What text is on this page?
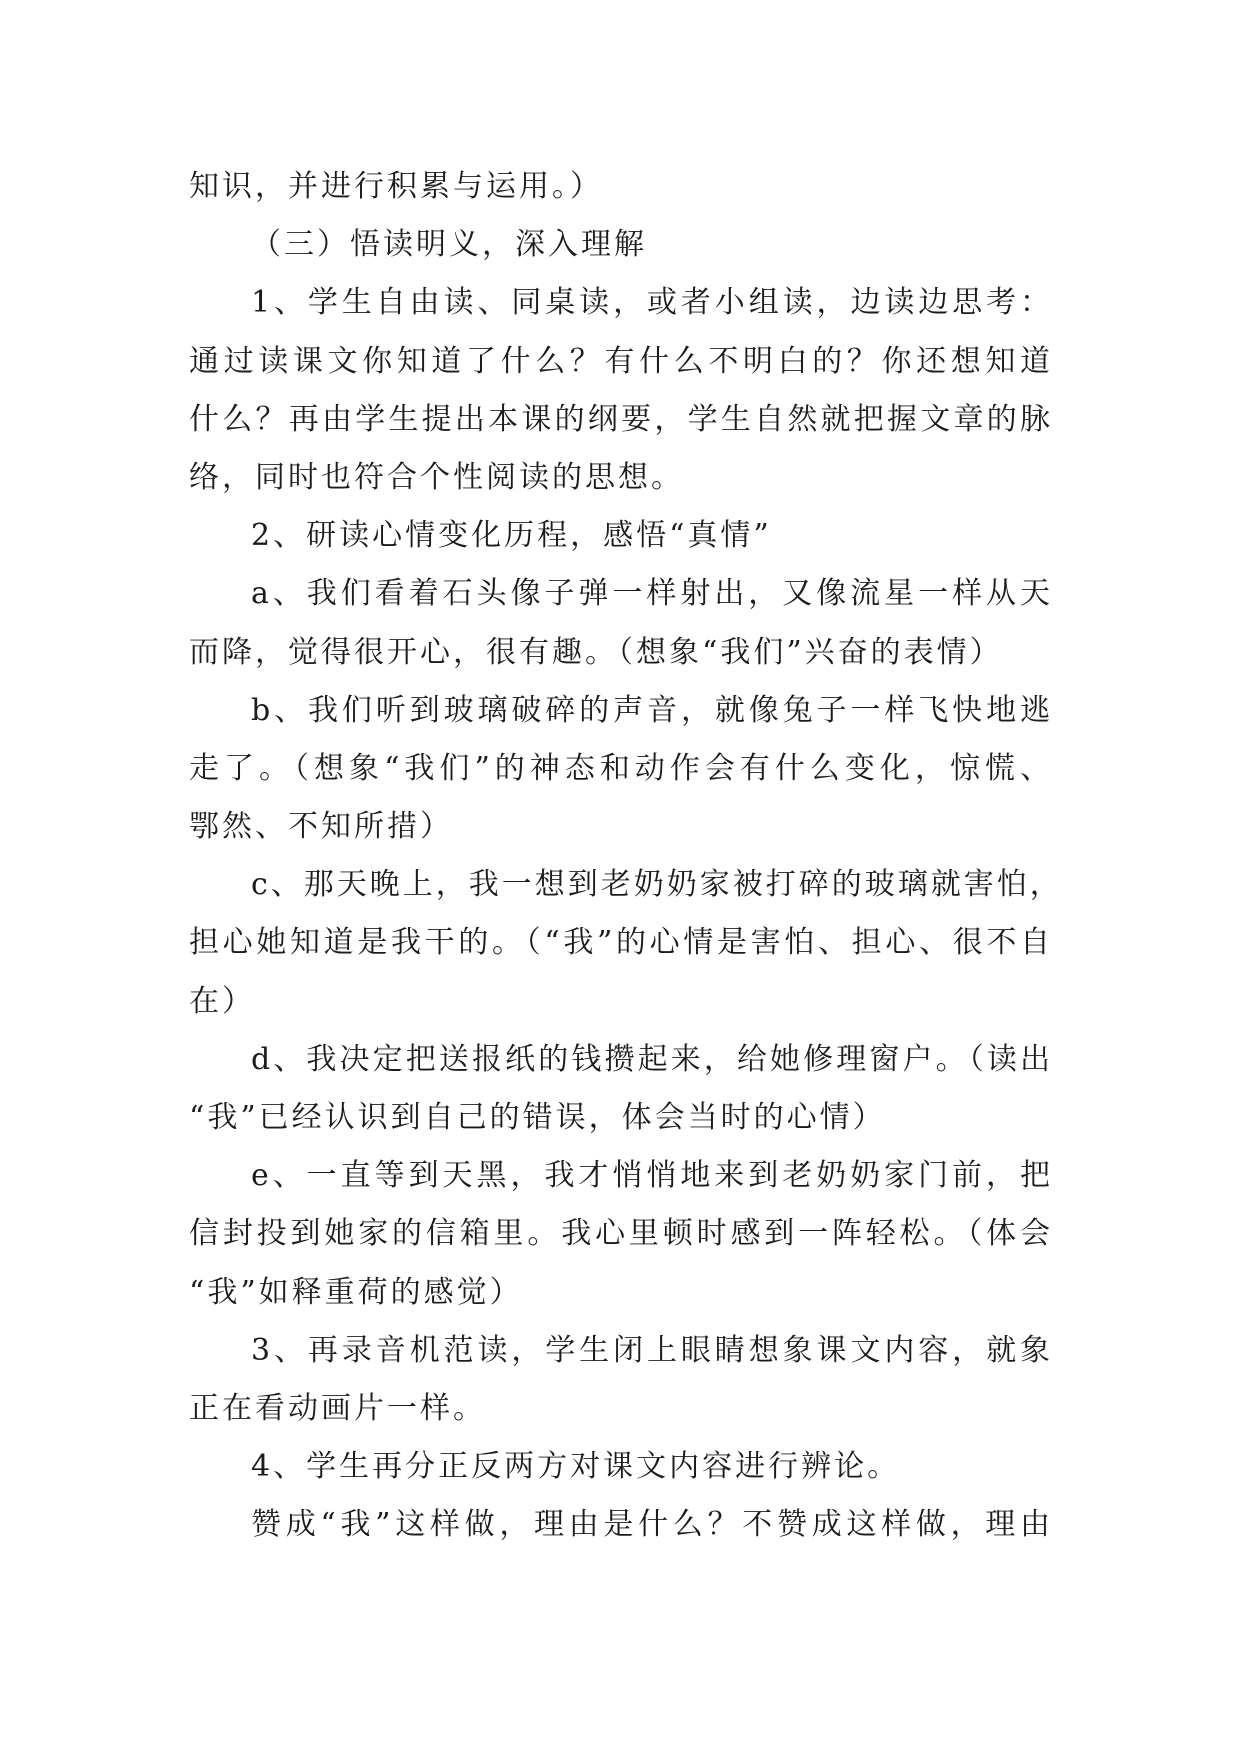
知识，并进行积累与运用。）
（三）悟读明义，深入理解
1、学生自由读、同桌读，或者小组读，边读边思考：
通过读课文你知道了什么？有什么不明白的？你还想知道
什么？再由学生提出本课的纲要，学生自然就把握文章的脉
络，同时也符合个性阅读的思想。
2、研读心情变化历程，感悟“真情”
a、我们看着石头像子弹一样射出，又像流星一样从天
而降，觉得很开心，很有趣。（想象“我们”兴奋的表情）
b、我们听到玻璃破碎的声音，就像兔子一样飞快地逃
走了。（想象“我们”的神态和动作会有什么变化，惊慌、
鄂然、不知所措）
c、那天晚上，我一想到老奶奶家被打碎的玻璃就害怕，
担心她知道是我干的。（“我”的心情是害怕、担心、很不自
在）
d、我决定把送报纸的钱攒起来，给她修理窗户。（读出
“我”已经认识到自己的错误，体会当时的心情）
e、一直等到天黑，我才悄悄地来到老奶奶家门前，把
信封投到她家的信箱里。我心里顿时感到一阵轻松。（体会
“我”如释重荷的感觉）
3、再录音机范读，学生闭上眼睛想象课文内容，就象
正在看动画片一样。
4、学生再分正反两方对课文内容进行辨论。
赞成“我”这样做，理由是什么？不赞成这样做，理由
